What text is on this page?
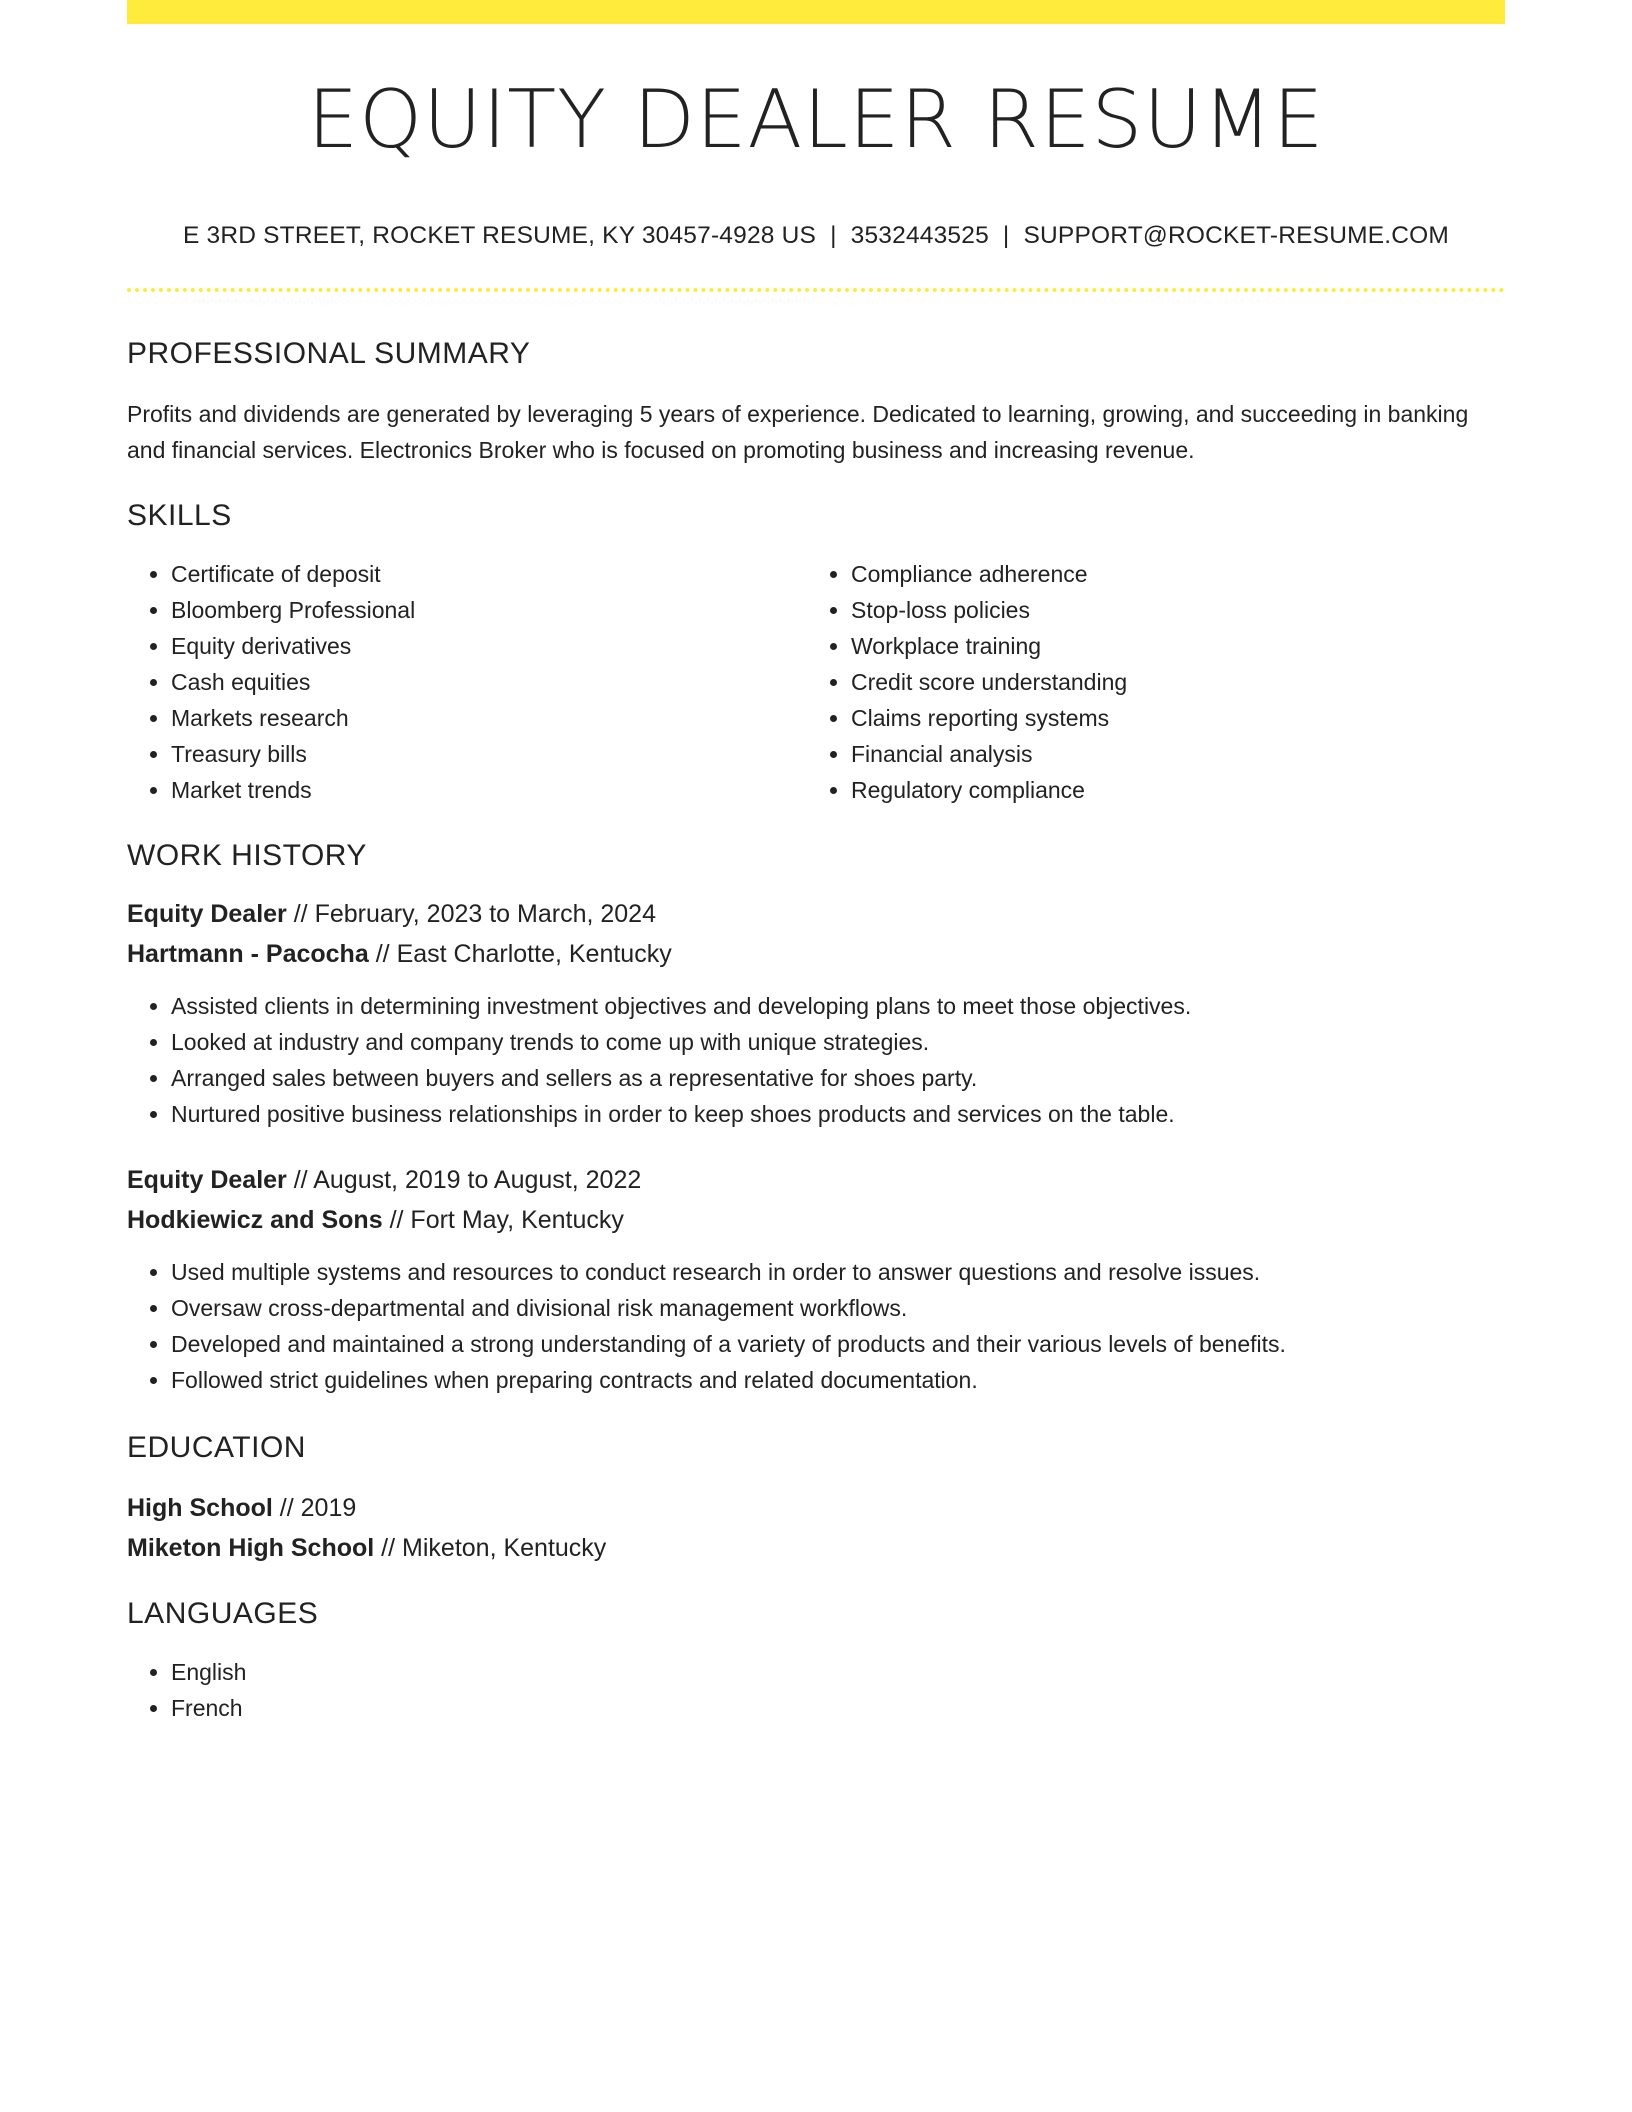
EQUITY DEALER RESUME
E 3RD STREET, ROCKET RESUME, KY 30457-4928 US | 3532443525 | SUPPORT@ROCKET-RESUME.COM
PROFESSIONAL SUMMARY

Profits and dividends are generated by leveraging 5 years of experience. Dedicated to learning, growing, and succeeding in banking and financial services. Electronics Broker who is focused on promoting business and increasing revenue.

SKILLS
• Certificate of deposit
• Bloomberg Professional
• Equity derivatives
• Cash equities
• Markets research
• Treasury bills
• Market trends
• Compliance adherence
• Stop-loss policies
• Workplace training
• Credit score understanding
• Claims reporting systems
• Financial analysis
• Regulatory compliance
WORK HISTORY
Equity Dealer // February, 2023 to March, 2024
Hartmann - Pacocha // East Charlotte, Kentucky
• Assisted clients in determining investment objectives and developing plans to meet those objectives.
• Looked at industry and company trends to come up with unique strategies.
• Arranged sales between buyers and sellers as a representative for shoes party.
• Nurtured positive business relationships in order to keep shoes products and services on the table.
Equity Dealer // August, 2019 to August, 2022
Hodkiewicz and Sons // Fort May, Kentucky
• Used multiple systems and resources to conduct research in order to answer questions and resolve issues.
• Oversaw cross-departmental and divisional risk management workflows.
• Developed and maintained a strong understanding of a variety of products and their various levels of benefits.
• Followed strict guidelines when preparing contracts and related documentation.
EDUCATION
High School // 2019
Miketon High School // Miketon, Kentucky
LANGUAGES
• English
• French
